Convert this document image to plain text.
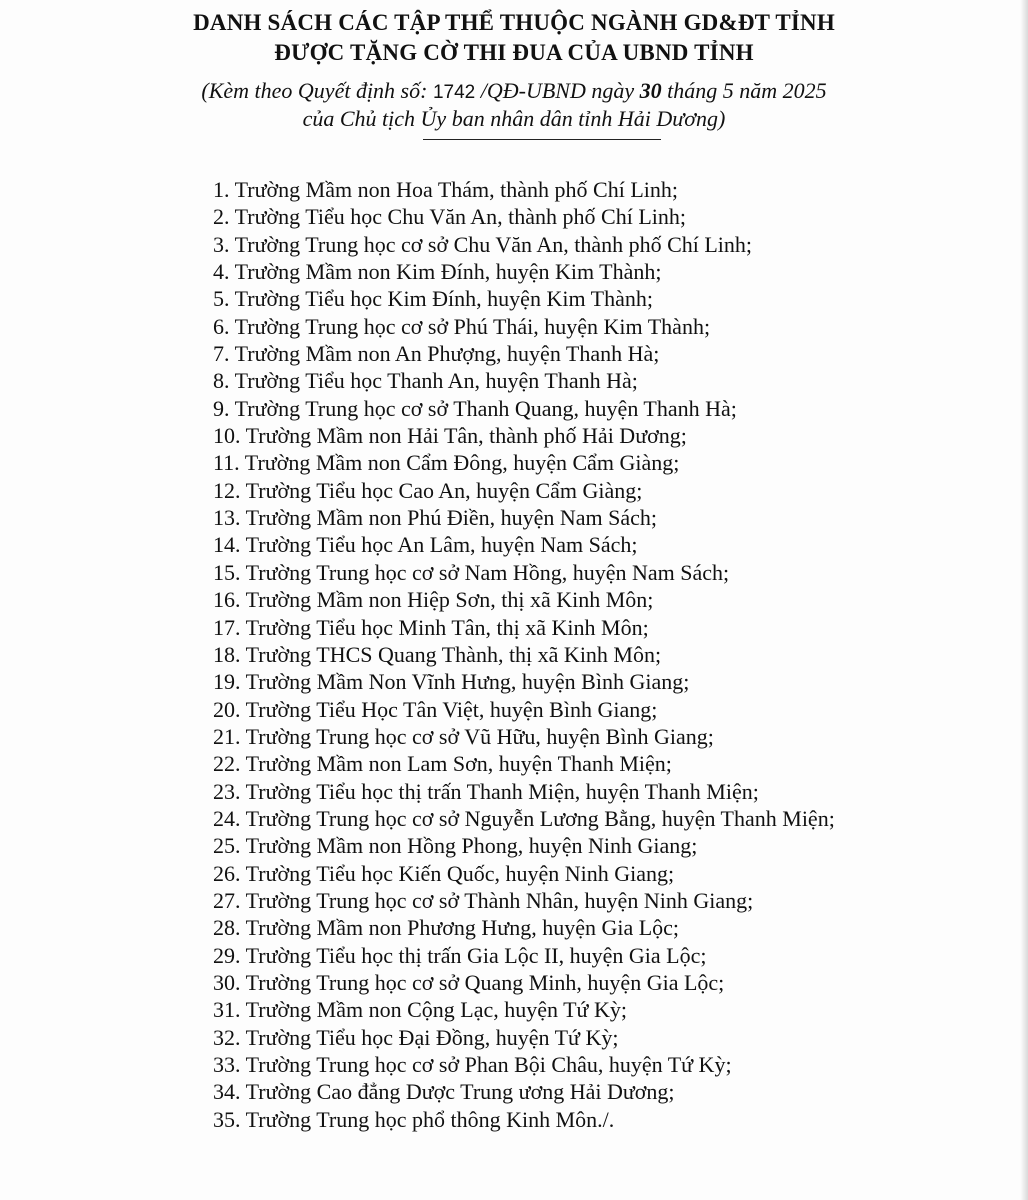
DANH SÁCH CÁC TẬP THỂ THUỘC NGÀNH GD&ĐT TỈNH
ĐƯỢC TẶNG CỜ THI ĐUA CỦA UBND TỈNH
(Kèm theo Quyết định số: 1742 /QĐ-UBND ngày 30 tháng 5 năm 2025
của Chủ tịch Ủy ban nhân dân tỉnh Hải Dương)
1. Trường Mầm non Hoa Thám, thành phố Chí Linh;
2. Trường Tiểu học Chu Văn An, thành phố Chí Linh;
3. Trường Trung học cơ sở Chu Văn An, thành phố Chí Linh;
4. Trường Mầm non Kim Đính, huyện Kim Thành;
5. Trường Tiểu học Kim Đính, huyện Kim Thành;
6. Trường Trung học cơ sở Phú Thái, huyện Kim Thành;
7. Trường Mầm non An Phượng, huyện Thanh Hà;
8. Trường Tiểu học Thanh An, huyện Thanh Hà;
9. Trường Trung học cơ sở Thanh Quang, huyện Thanh Hà;
10. Trường Mầm non Hải Tân, thành phố Hải Dương;
11. Trường Mầm non Cẩm Đông, huyện Cẩm Giàng;
12. Trường Tiểu học Cao An, huyện Cẩm Giàng;
13. Trường Mầm non Phú Điền, huyện Nam Sách;
14. Trường Tiểu học An Lâm, huyện Nam Sách;
15. Trường Trung học cơ sở Nam Hồng, huyện Nam Sách;
16. Trường Mầm non Hiệp Sơn, thị xã Kinh Môn;
17. Trường Tiểu học Minh Tân, thị xã Kinh Môn;
18. Trường THCS Quang Thành, thị xã Kinh Môn;
19. Trường Mầm Non Vĩnh Hưng, huyện Bình Giang;
20. Trường Tiểu Học Tân Việt, huyện Bình Giang;
21. Trường Trung học cơ sở Vũ Hữu, huyện Bình Giang;
22. Trường Mầm non Lam Sơn, huyện Thanh Miện;
23. Trường Tiểu học thị trấn Thanh Miện, huyện Thanh Miện;
24. Trường Trung học cơ sở Nguyễn Lương Bằng, huyện Thanh Miện;
25. Trường Mầm non Hồng Phong, huyện Ninh Giang;
26. Trường Tiểu học Kiến Quốc, huyện Ninh Giang;
27. Trường Trung học cơ sở Thành Nhân, huyện Ninh Giang;
28. Trường Mầm non Phương Hưng, huyện Gia Lộc;
29. Trường Tiểu học thị trấn Gia Lộc II, huyện Gia Lộc;
30. Trường Trung học cơ sở Quang Minh, huyện Gia Lộc;
31. Trường Mầm non Cộng Lạc, huyện Tứ Kỳ;
32. Trường Tiểu học Đại Đồng, huyện Tứ Kỳ;
33. Trường Trung học cơ sở Phan Bội Châu, huyện Tứ Kỳ;
34. Trường Cao đẳng Dược Trung ương Hải Dương;
35. Trường Trung học phổ thông Kinh Môn./.
